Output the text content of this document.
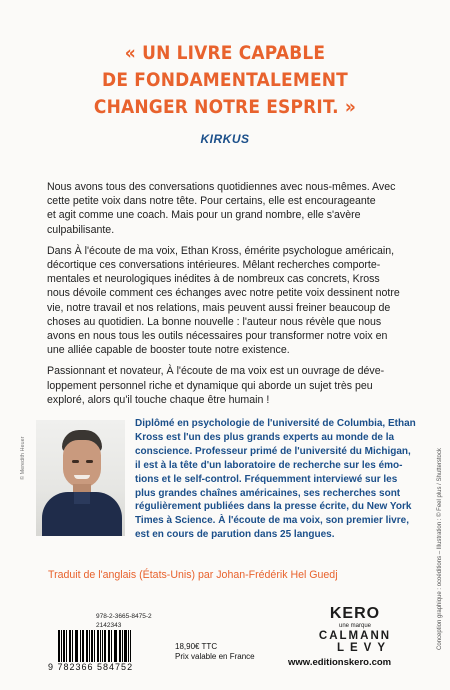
« UN LIVRE CAPABLE
DE FONDAMENTALEMENT
CHANGER NOTRE ESPRIT. »
KIRKUS

Nous avons tous des conversations quotidiennes avec nous-mêmes. Avec
cette petite voix dans notre tête. Pour certains, elle est encourageante
et agit comme une coach. Mais pour un grand nombre, elle s'avère
culpabilisante.

Dans À l'écoute de ma voix, Ethan Kross, émérite psychologue américain,
décortique ces conversations intérieures. Mêlant recherches comporte-
mentales et neurologiques inédites à de nombreux cas concrets, Kross
nous dévoile comment ces échanges avec notre petite voix dessinent notre
vie, notre travail et nos relations, mais peuvent aussi freiner beaucoup de
choses au quotidien. La bonne nouvelle : l'auteur nous révèle que nous
avons en nous tous les outils nécessaires pour transformer notre voix en
une alliée capable de booster toute notre existence.

Passionnant et novateur, À l'écoute de ma voix est un ouvrage de déve-
loppement personnel riche et dynamique qui aborde un sujet très peu
exploré, alors qu'il touche chaque être humain !

© Meredith Heuer
Diplômé en psychologie de l'université de Columbia, Ethan
Kross est l'un des plus grands experts au monde de la
conscience. Professeur primé de l'université du Michigan,
il est à la tête d'un laboratoire de recherche sur les émo-
tions et le self-control. Fréquemment interviewé sur les
plus grandes chaînes américaines, ses recherches sont
régulièrement publiées dans la presse écrite, du New York
Times à Science. À l'écoute de ma voix, son premier livre,
est en cours de parution dans 25 langues.
Traduit de l'anglais (États-Unis) par Johan-Frédérik Hel Guedj
978-2-3665-8475-2
2142343
9 782366 584752
18,90€ TTC
Prix valable en France
KERO
une marque
CALMANN
LEVY
www.editionskero.com
Conception graphique : ocoéditions – Illustration : © Feel plus / Shutterstock
